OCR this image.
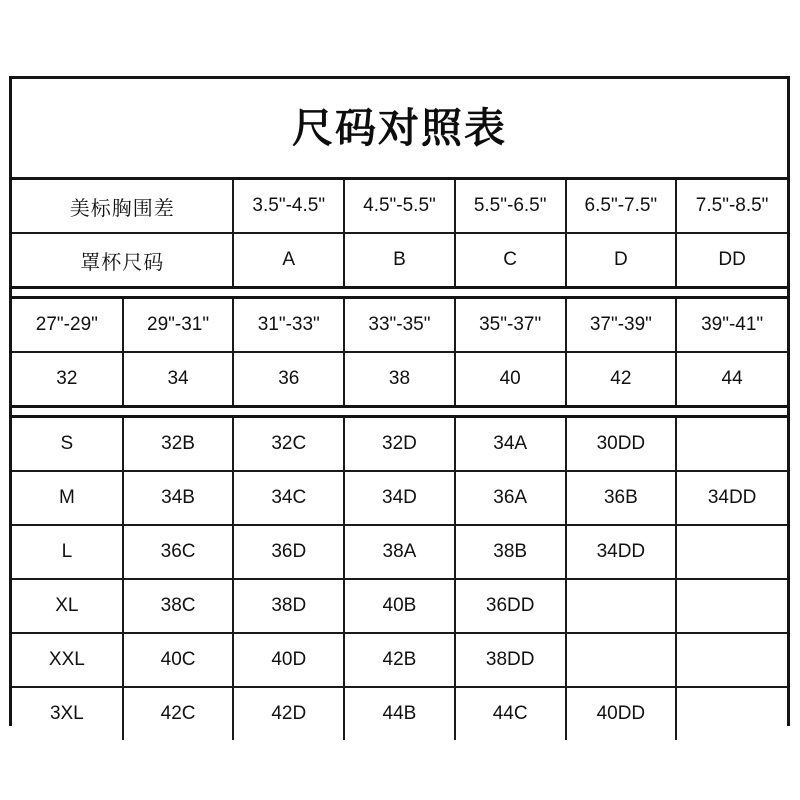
尺码对照表
美标胸围差	3.5"-4.5"	4.5"-5.5"	5.5"-6.5"	6.5"-7.5"	7.5"-8.5"
罩杯尺码	A	B	C	D	DD
27"-29"	29"-31"	31"-33"	33"-35"	35"-37"	37"-39"	39"-41"
32	34	36	38	40	42	44
S	32B	32C	32D	34A	30DD	
M	34B	34C	34D	36A	36B	34DD
L	36C	36D	38A	38B	34DD	
XL	38C	38D	40B	36DD		
XXL	40C	40D	42B	38DD		
3XL	42C	42D	44B	44C	40DD	
